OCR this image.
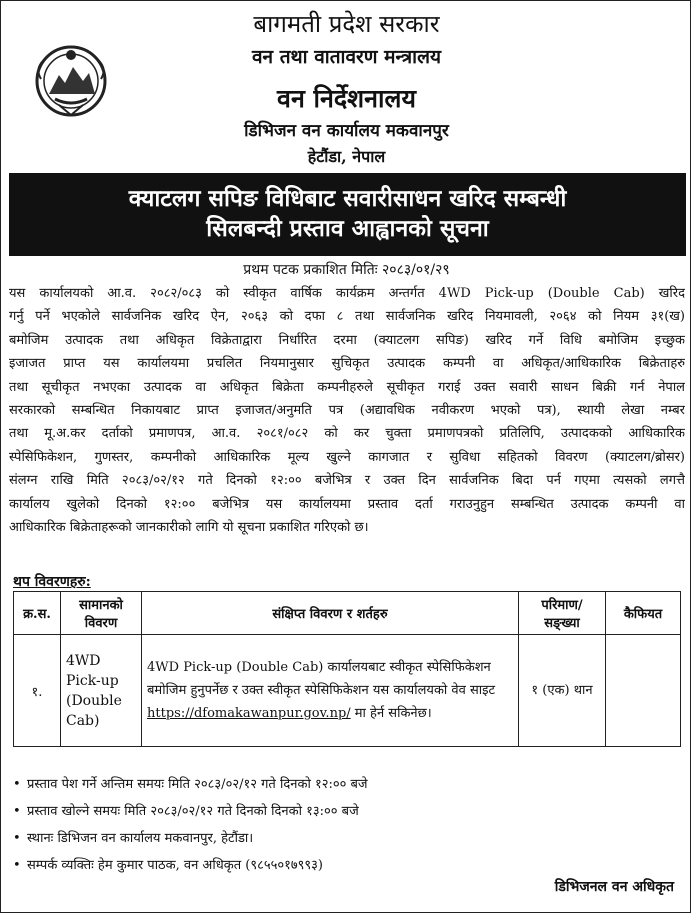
बागमती प्रदेश सरकार
वन तथा वातावरण मन्त्रालय
वन निर्देशनालय
डिभिजन वन कार्यालय मकवानपुर
हेटौंडा, नेपाल
क्याटलग सपिङ विधिबाट सवारीसाधन खरिद सम्बन्धी
सिलबन्दी प्रस्ताव आह्वानको सूचना
प्रथम पटक प्रकाशित मितिः २०८३/०१/२९
यस कार्यालयको आ.व. २०८२/०८३ को स्वीकृत वार्षिक कार्यक्रम अन्तर्गत 4WD Pick-up (Double Cab) खरिद
गर्नु पर्ने भएकोले सार्वजनिक खरिद ऐन, २०६३ को दफा ८ तथा सार्वजनिक खरिद नियमावली, २०६४ को नियम ३१(ख)
बमोजिम उत्पादक तथा अधिकृत विक्रेताद्वारा निर्धारित दरमा (क्याटलग सपिङ) खरिद गर्ने विधि बमोजिम इच्छुक
इजाजत प्राप्त यस कार्यालयमा प्रचलित नियमानुसार सुचिकृत उत्पादक कम्पनी वा अधिकृत/आधिकारिक बिक्रेताहरु
तथा सूचीकृत नभएका उत्पादक वा अधिकृत बिक्रेता कम्पनीहरुले सूचीकृत गराई उक्त सवारी साधन बिक्री गर्न नेपाल
सरकारको सम्बन्धित निकायबाट प्राप्त इजाजत/अनुमति पत्र (अद्यावधिक नवीकरण भएको पत्र), स्थायी लेखा नम्बर
तथा मू.अ.कर दर्ताको प्रमाणपत्र, आ.व. २०८१/०८२ को कर चुक्ता प्रमाणपत्रको प्रतिलिपि, उत्पादकको आधिकारिक
स्पेसिफिकेशन, गुणस्तर, कम्पनीको आधिकारिक मूल्य खुल्ने कागजात र सुविधा सहितको विवरण (क्याटलग/ब्रोसर)
संलग्न राखि मिति २०८३/०२/१२ गते दिनको १२:०० बजेभित्र र उक्त दिन सार्वजनिक बिदा पर्न गएमा त्यसको लगत्तै
कार्यालय खुलेको दिनको १२:०० बजेभित्र यस कार्यालयमा प्रस्ताव दर्ता गराउनुहुन सम्बन्धित उत्पादक कम्पनी वा
आधिकारिक बिक्रेताहरूको जानकारीको लागि यो सूचना प्रकाशित गरिएको छ।
थप विवरणहरु:
क्र.स.	सामानको विवरण	संक्षिप्त विवरण र शर्तहरु	परिमाण/ सङ्ख्या	कैफियत
१.	4WD Pick-up (Double Cab)	4WD Pick-up (Double Cab) कार्यालयबाट स्वीकृत स्पेसिफिकेशन बमोजिम हुनुपर्नेछ र उक्त स्वीकृत स्पेसिफिकेशन यस कार्यालयको वेव साइट https://dfomakawanpur.gov.np/ मा हेर्न सकिनेछ।	१ (एक) थान	
• प्रस्ताव पेश गर्ने अन्तिम समयः मिति २०८३/०२/१२ गते दिनको १२:०० बजे
• प्रस्ताव खोल्ने समयः मिति २०८३/०२/१२ गते दिनको दिनको १३:०० बजे
• स्थानः डिभिजन वन कार्यालय मकवानपुर, हेटौंडा।
• सम्पर्क व्यक्तिः हेम कुमार पाठक, वन अधिकृत (९८५५०१७९९३)
डिभिजनल वन अधिकृत
